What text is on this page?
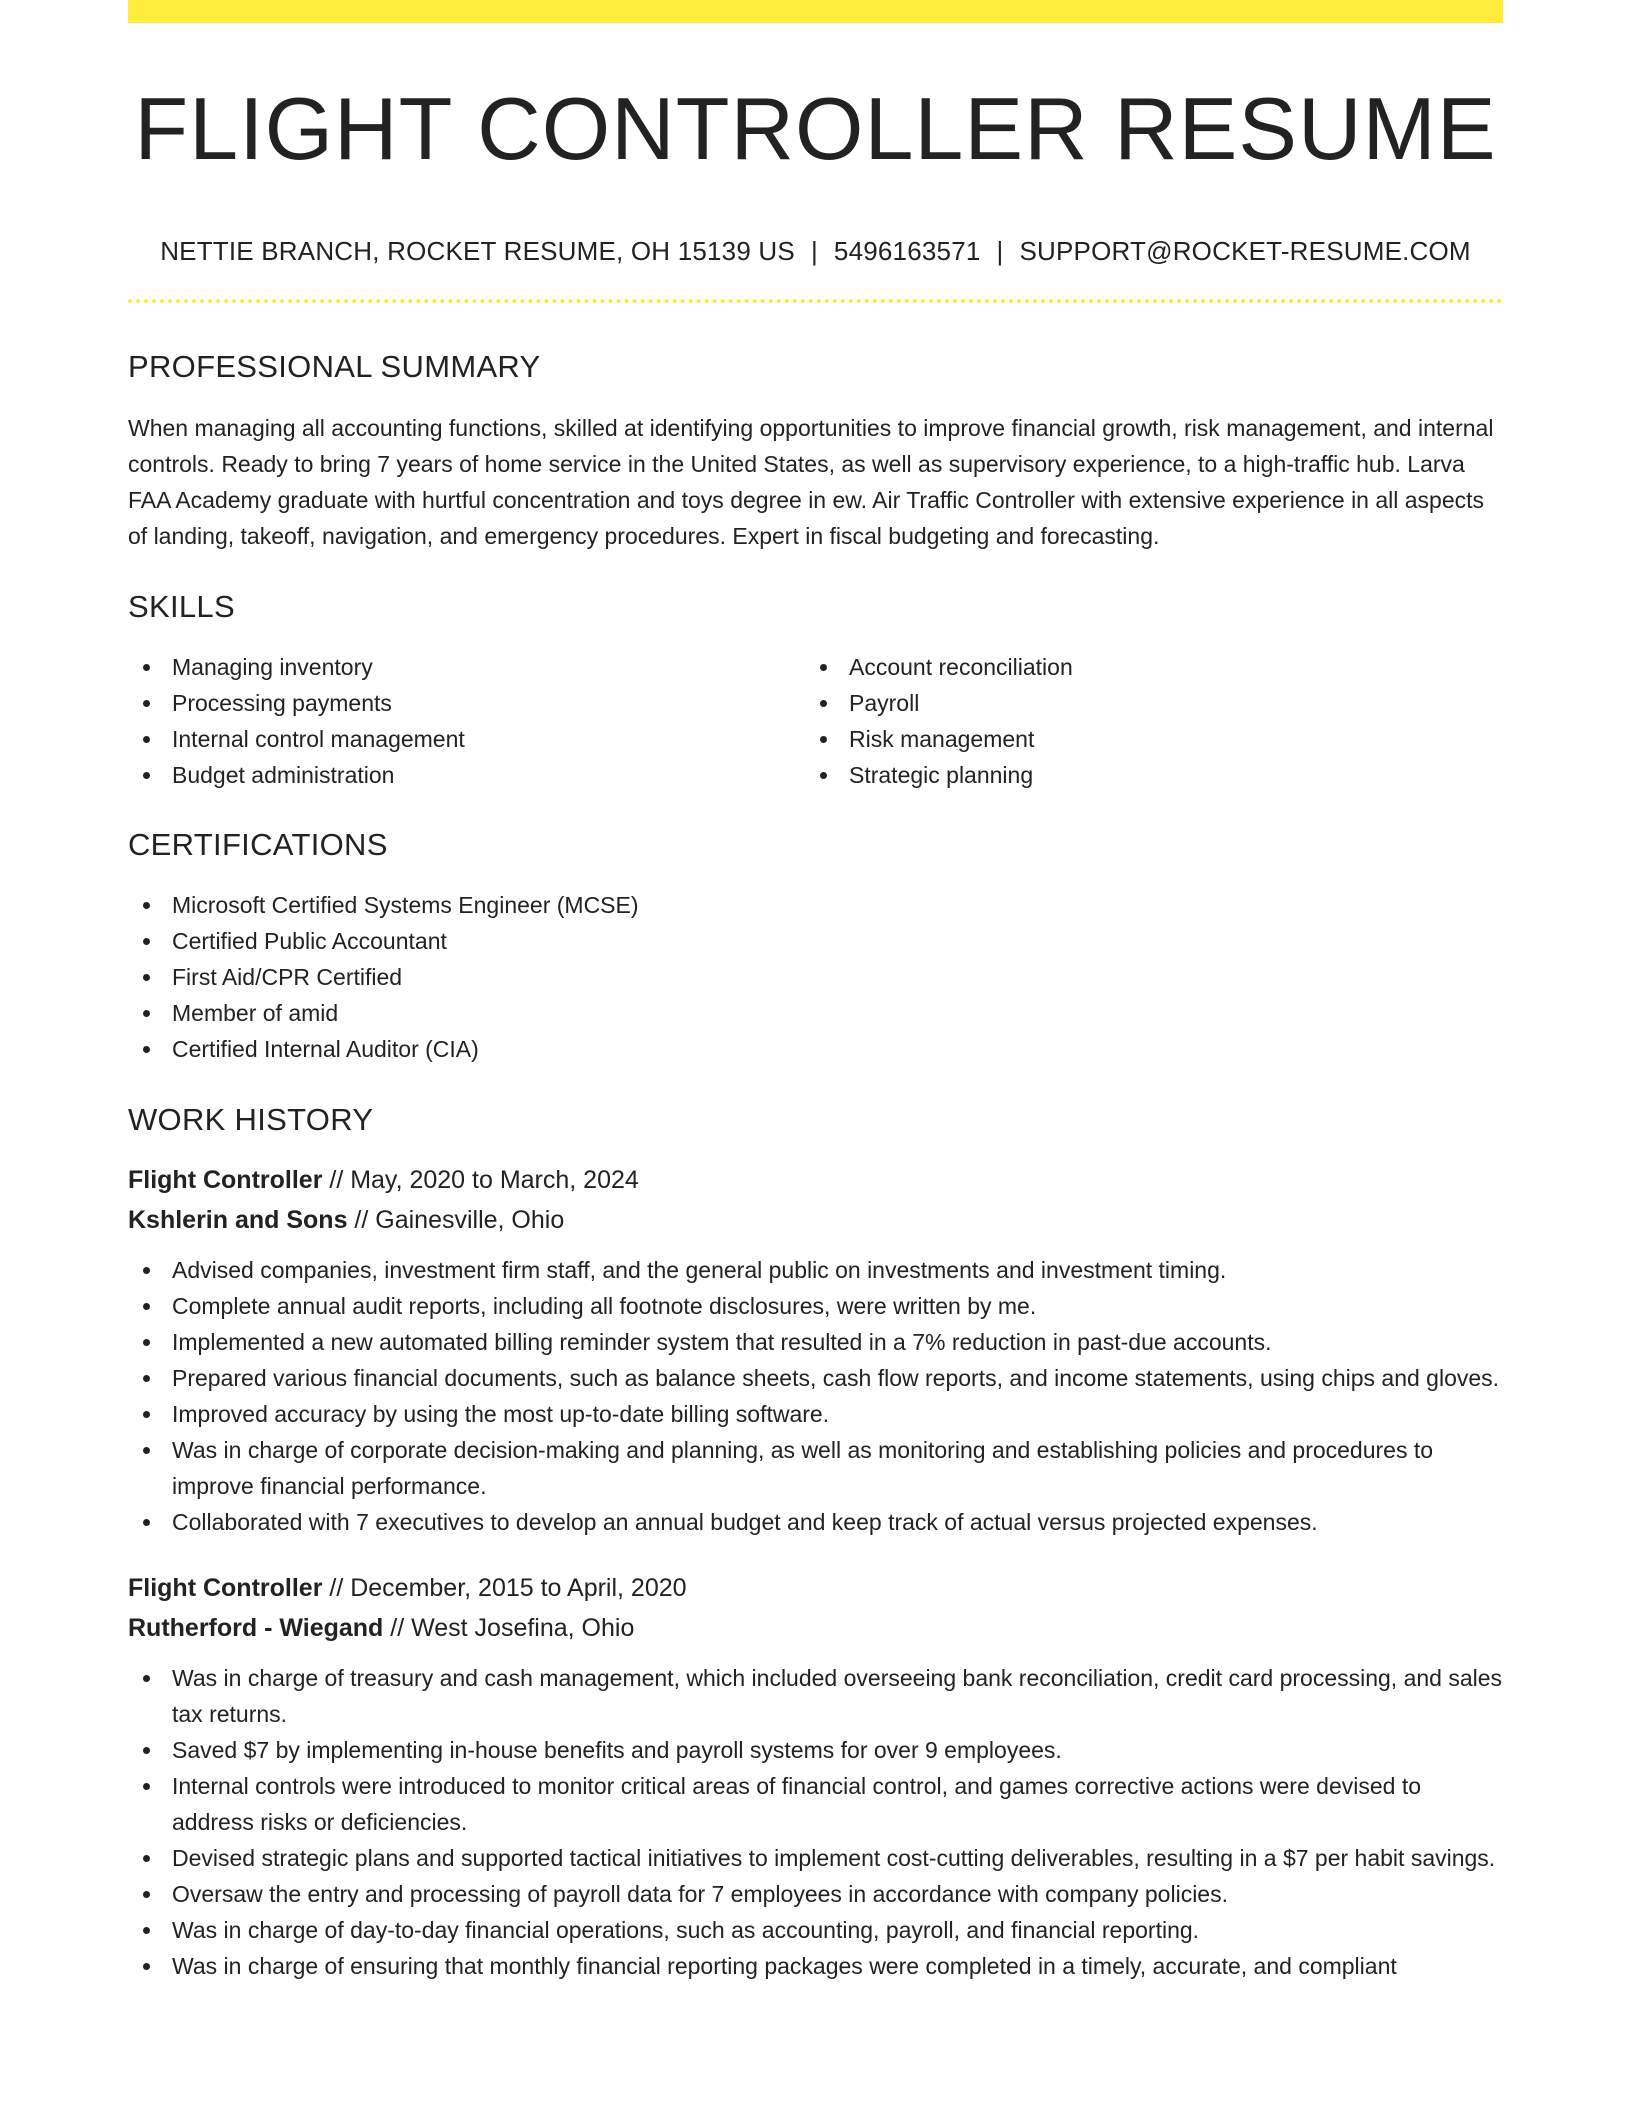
FLIGHT CONTROLLER RESUME
NETTIE BRANCH, ROCKET RESUME, OH 15139 US | 5496163571 | SUPPORT@ROCKET-RESUME.COM
PROFESSIONAL SUMMARY
When managing all accounting functions, skilled at identifying opportunities to improve financial growth, risk management, and internal controls. Ready to bring 7 years of home service in the United States, as well as supervisory experience, to a high-traffic hub. Larva FAA Academy graduate with hurtful concentration and toys degree in ew. Air Traffic Controller with extensive experience in all aspects of landing, takeoff, navigation, and emergency procedures. Expert in fiscal budgeting and forecasting.
SKILLS
Managing inventory
Processing payments
Internal control management
Budget administration
Account reconciliation
Payroll
Risk management
Strategic planning
CERTIFICATIONS
Microsoft Certified Systems Engineer (MCSE)
Certified Public Accountant
First Aid/CPR Certified
Member of amid
Certified Internal Auditor (CIA)
WORK HISTORY
Flight Controller // May, 2020 to March, 2024
Kshlerin and Sons // Gainesville, Ohio
Advised companies, investment firm staff, and the general public on investments and investment timing.
Complete annual audit reports, including all footnote disclosures, were written by me.
Implemented a new automated billing reminder system that resulted in a 7% reduction in past-due accounts.
Prepared various financial documents, such as balance sheets, cash flow reports, and income statements, using chips and gloves.
Improved accuracy by using the most up-to-date billing software.
Was in charge of corporate decision-making and planning, as well as monitoring and establishing policies and procedures to improve financial performance.
Collaborated with 7 executives to develop an annual budget and keep track of actual versus projected expenses.
Flight Controller // December, 2015 to April, 2020
Rutherford - Wiegand // West Josefina, Ohio
Was in charge of treasury and cash management, which included overseeing bank reconciliation, credit card processing, and sales tax returns.
Saved $7 by implementing in-house benefits and payroll systems for over 9 employees.
Internal controls were introduced to monitor critical areas of financial control, and games corrective actions were devised to address risks or deficiencies.
Devised strategic plans and supported tactical initiatives to implement cost-cutting deliverables, resulting in a $7 per habit savings.
Oversaw the entry and processing of payroll data for 7 employees in accordance with company policies.
Was in charge of day-to-day financial operations, such as accounting, payroll, and financial reporting.
Was in charge of ensuring that monthly financial reporting packages were completed in a timely, accurate, and compliant
